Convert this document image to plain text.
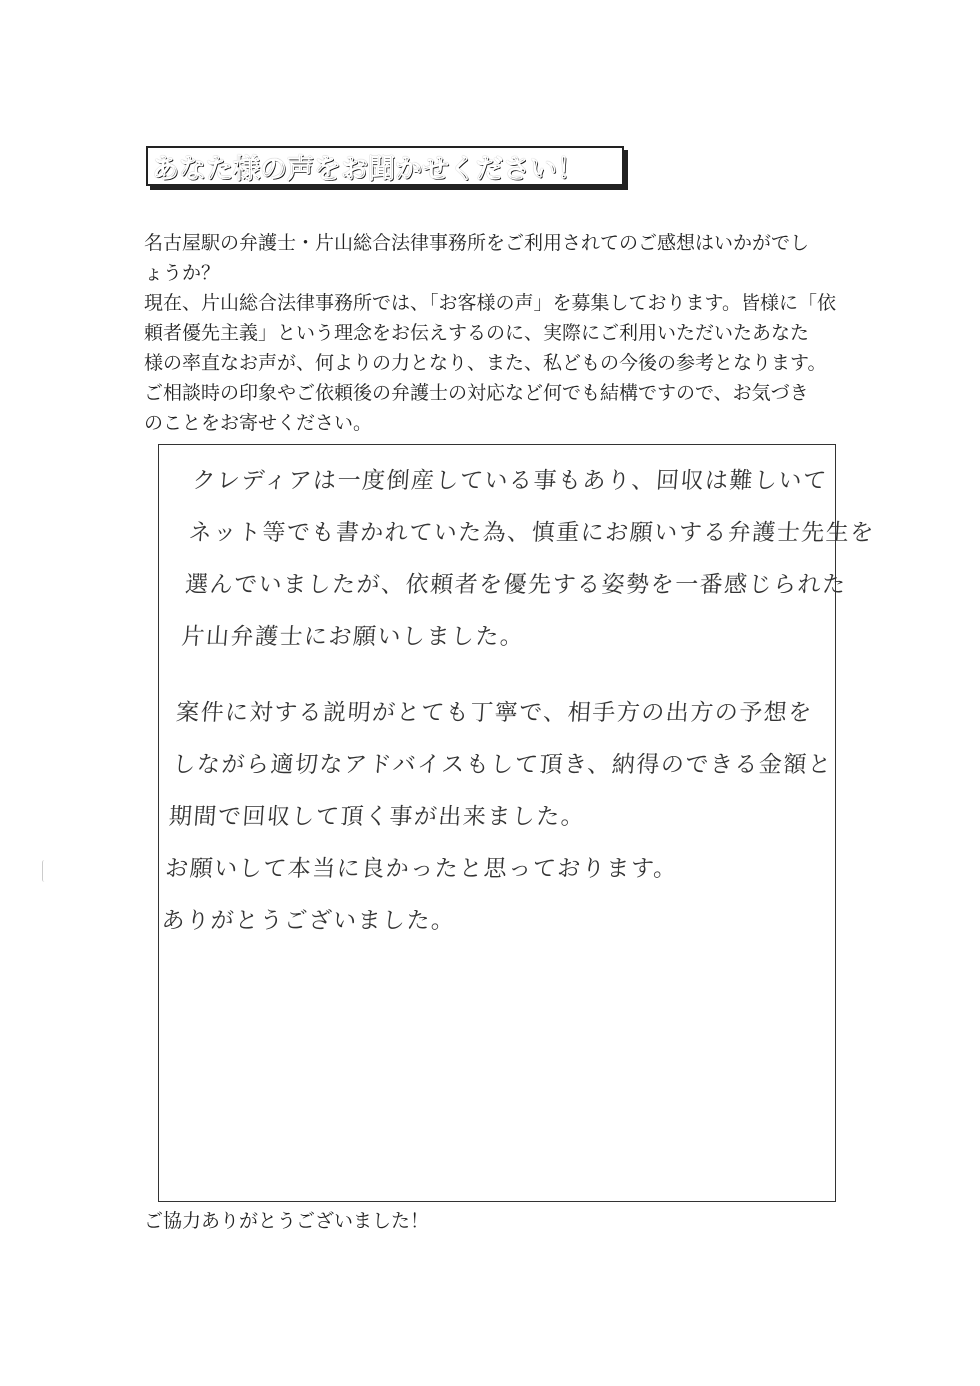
あなた様の声をお聞かせください！

名古屋駅の弁護士・片山総合法律事務所をご利用されてのご感想はいかがでし

ょうか？

現在、片山総合法律事務所では、「お客様の声」を募集しております。皆様に「依

頼者優先主義」という理念をお伝えするのに、実際にご利用いただいたあなた

様の率直なお声が、何よりの力となり、また、私どもの今後の参考となります。

ご相談時の印象やご依頼後の弁護士の対応など何でも結構ですので、お気づき

のことをお寄せください。

クレディアは一度倒産している事もあり、回収は難しいて
ネット等でも書かれていた為、慎重にお願いする弁護士先生を
選んでいましたが、依頼者を優先する姿勢を一番感じられた
片山弁護士にお願いしました。
案件に対する説明がとても丁寧で、相手方の出方の予想を
しながら適切なアドバイスもして頂き、納得のできる金額と
期間で回収して頂く事が出来ました。
お願いして本当に良かったと思っております。
ありがとうございました。
ご協力ありがとうございました！
